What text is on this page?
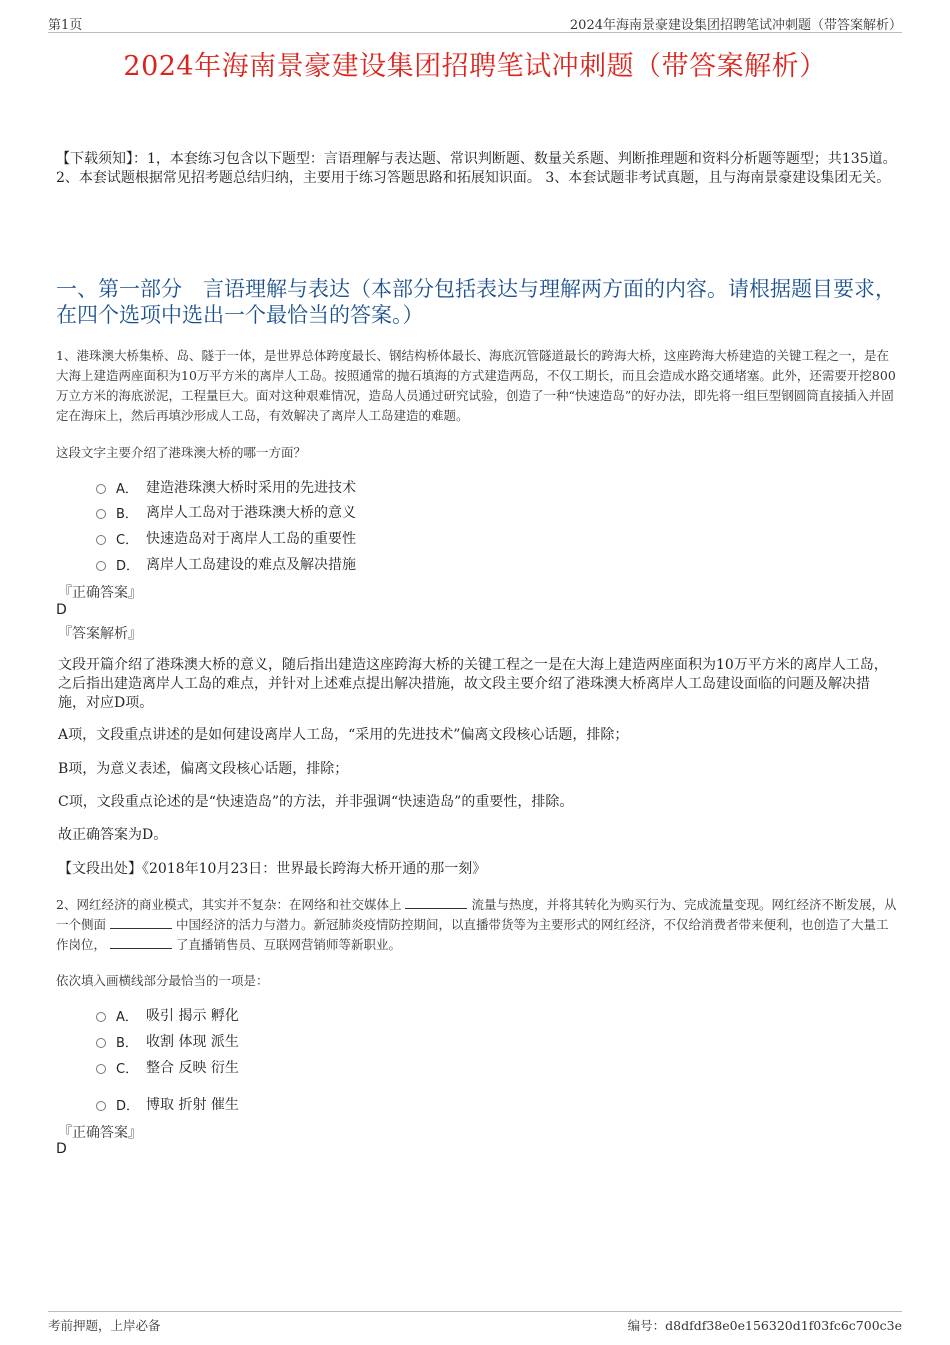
第1页	2024年海南景豪建设集团招聘笔试冲刺题（带答案解析）
2024年海南景豪建设集团招聘笔试冲刺题（带答案解析）
【下载须知】：1，本套练习包含以下题型：言语理解与表达题、常识判断题、数量关系题、判断推理题和资料分析题等题型；共135道。 2、本套试题根据常见招考题总结归纳，主要用于练习答题思路和拓展知识面。 3、本套试题非考试真题，且与海南景豪建设集团无关。
一、第一部分　言语理解与表达（本部分包括表达与理解两方面的内容。请根据题目要求，在四个选项中选出一个最恰当的答案。）
1、港珠澳大桥集桥、岛、隧于一体，是世界总体跨度最长、钢结构桥体最长、海底沉管隧道最长的跨海大桥，这座跨海大桥建造的关键工程之一，是在大海上建造两座面积为10万平方米的离岸人工岛。按照通常的抛石填海的方式建造两岛，不仅工期长，而且会造成水路交通堵塞。此外，还需要开挖800万立方米的海底淤泥，工程量巨大。面对这种艰难情况，造岛人员通过研究试验，创造了一种“快速造岛”的好办法，即先将一组巨型钢圆筒直接插入并固定在海床上，然后再填沙形成人工岛，有效解决了离岸人工岛建造的难题。
这段文字主要介绍了港珠澳大桥的哪一方面？
A． 建造港珠澳大桥时采用的先进技术
B． 离岸人工岛对于港珠澳大桥的意义
C． 快速造岛对于离岸人工岛的重要性
D． 离岸人工岛建设的难点及解决措施
『正确答案』
D
『答案解析』
文段开篇介绍了港珠澳大桥的意义，随后指出建造这座跨海大桥的关键工程之一是在大海上建造两座面积为10万平方米的离岸人工岛，之后指出建造离岸人工岛的难点，并针对上述难点提出解决措施，故文段主要介绍了港珠澳大桥离岸人工岛建设面临的问题及解决措施，对应D项。
A项，文段重点讲述的是如何建设离岸人工岛，“采用的先进技术”偏离文段核心话题，排除；
B项，为意义表述，偏离文段核心话题，排除；
C项，文段重点论述的是“快速造岛”的方法，并非强调“快速造岛”的重要性，排除。
故正确答案为D。
【文段出处】《2018年10月23日：世界最长跨海大桥开通的那一刻》
2、网红经济的商业模式，其实并不复杂：在网络和社交媒体上	流量与热度，并将其转化为购买行为、完成流量变现。网红经济不断发展，从一个侧面	中国经济的活力与潜力。新冠肺炎疫情防控期间，以直播带货等为主要形式的网红经济，不仅给消费者带来便利，也创造了大量工作岗位，	了直播销售员、互联网营销师等新职业。
依次填入画横线部分最恰当的一项是：
A． 吸引 揭示 孵化
B． 收割 体现 派生
C． 整合 反映 衍生
D． 博取 折射 催生
『正确答案』
D
考前押题，上岸必备	编号：d8dfdf38e0e156320d1f03fc6c700c3e
